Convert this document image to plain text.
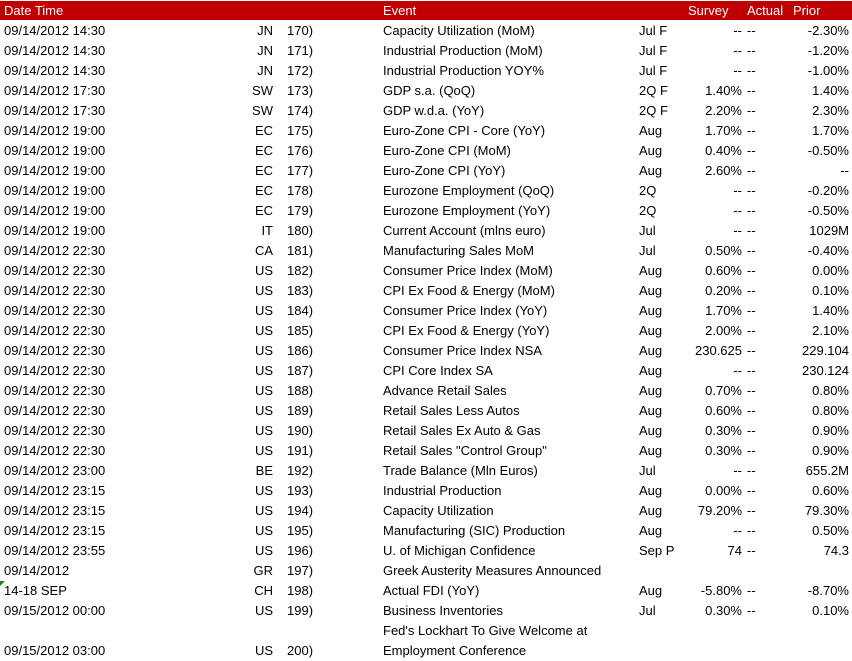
Date Time	Event	Survey Actual Prior
09/14/2012 14:30	JN 170)	Capacity Utilization (MoM)	Jul F	-- --	-2.30%
09/14/2012 14:30	JN 171)	Industrial Production (MoM)	Jul F	-- --	-1.20%
09/14/2012 14:30	JN 172)	Industrial Production YOY%	Jul F	-- --	-1.00%
09/14/2012 17:30	SW 173)	GDP s.a. (QoQ)	2Q F	1.40% --	1.40%
09/14/2012 17:30	SW 174)	GDP w.d.a. (YoY)	2Q F	2.20% --	2.30%
09/14/2012 19:00	EC 175)	Euro-Zone CPI - Core (YoY)	Aug	1.70% --	1.70%
09/14/2012 19:00	EC 176)	Euro-Zone CPI (MoM)	Aug	0.40% --	-0.50%
09/14/2012 19:00	EC 177)	Euro-Zone CPI (YoY)	Aug	2.60% --	--
09/14/2012 19:00	EC 178)	Eurozone Employment (QoQ)	2Q	-- --	-0.20%
09/14/2012 19:00	EC 179)	Eurozone Employment (YoY)	2Q	-- --	-0.50%
09/14/2012 19:00	IT 180)	Current Account (mlns euro)	Jul	-- --	1029M
09/14/2012 22:30	CA 181)	Manufacturing Sales MoM	Jul	0.50% --	-0.40%
09/14/2012 22:30	US 182)	Consumer Price Index (MoM)	Aug	0.60% --	0.00%
09/14/2012 22:30	US 183)	CPI Ex Food & Energy (MoM)	Aug	0.20% --	0.10%
09/14/2012 22:30	US 184)	Consumer Price Index (YoY)	Aug	1.70% --	1.40%
09/14/2012 22:30	US 185)	CPI Ex Food & Energy (YoY)	Aug	2.00% --	2.10%
09/14/2012 22:30	US 186)	Consumer Price Index NSA	Aug	230.625 --	229.104
09/14/2012 22:30	US 187)	CPI Core Index SA	Aug	-- --	230.124
09/14/2012 22:30	US 188)	Advance Retail Sales	Aug	0.70% --	0.80%
09/14/2012 22:30	US 189)	Retail Sales Less Autos	Aug	0.60% --	0.80%
09/14/2012 22:30	US 190)	Retail Sales Ex Auto & Gas	Aug	0.30% --	0.90%
09/14/2012 22:30	US 191)	Retail Sales "Control Group"	Aug	0.30% --	0.90%
09/14/2012 23:00	BE 192)	Trade Balance (Mln Euros)	Jul	-- --	655.2M
09/14/2012 23:15	US 193)	Industrial Production	Aug	0.00% --	0.60%
09/14/2012 23:15	US 194)	Capacity Utilization	Aug	79.20% --	79.30%
09/14/2012 23:15	US 195)	Manufacturing (SIC) Production	Aug	-- --	0.50%
09/14/2012 23:55	US 196)	U. of Michigan Confidence	Sep P	74 --	74.3
09/14/2012	GR 197)	Greek Austerity Measures Announced
14-18 SEP	CH 198)	Actual FDI (YoY)	Aug	-5.80% --	-8.70%
09/15/2012 00:00	US 199)	Business Inventories	Jul	0.30% --	0.10%
Fed's Lockhart To Give Welcome at
09/15/2012 03:00	US 200)	Employment Conference
